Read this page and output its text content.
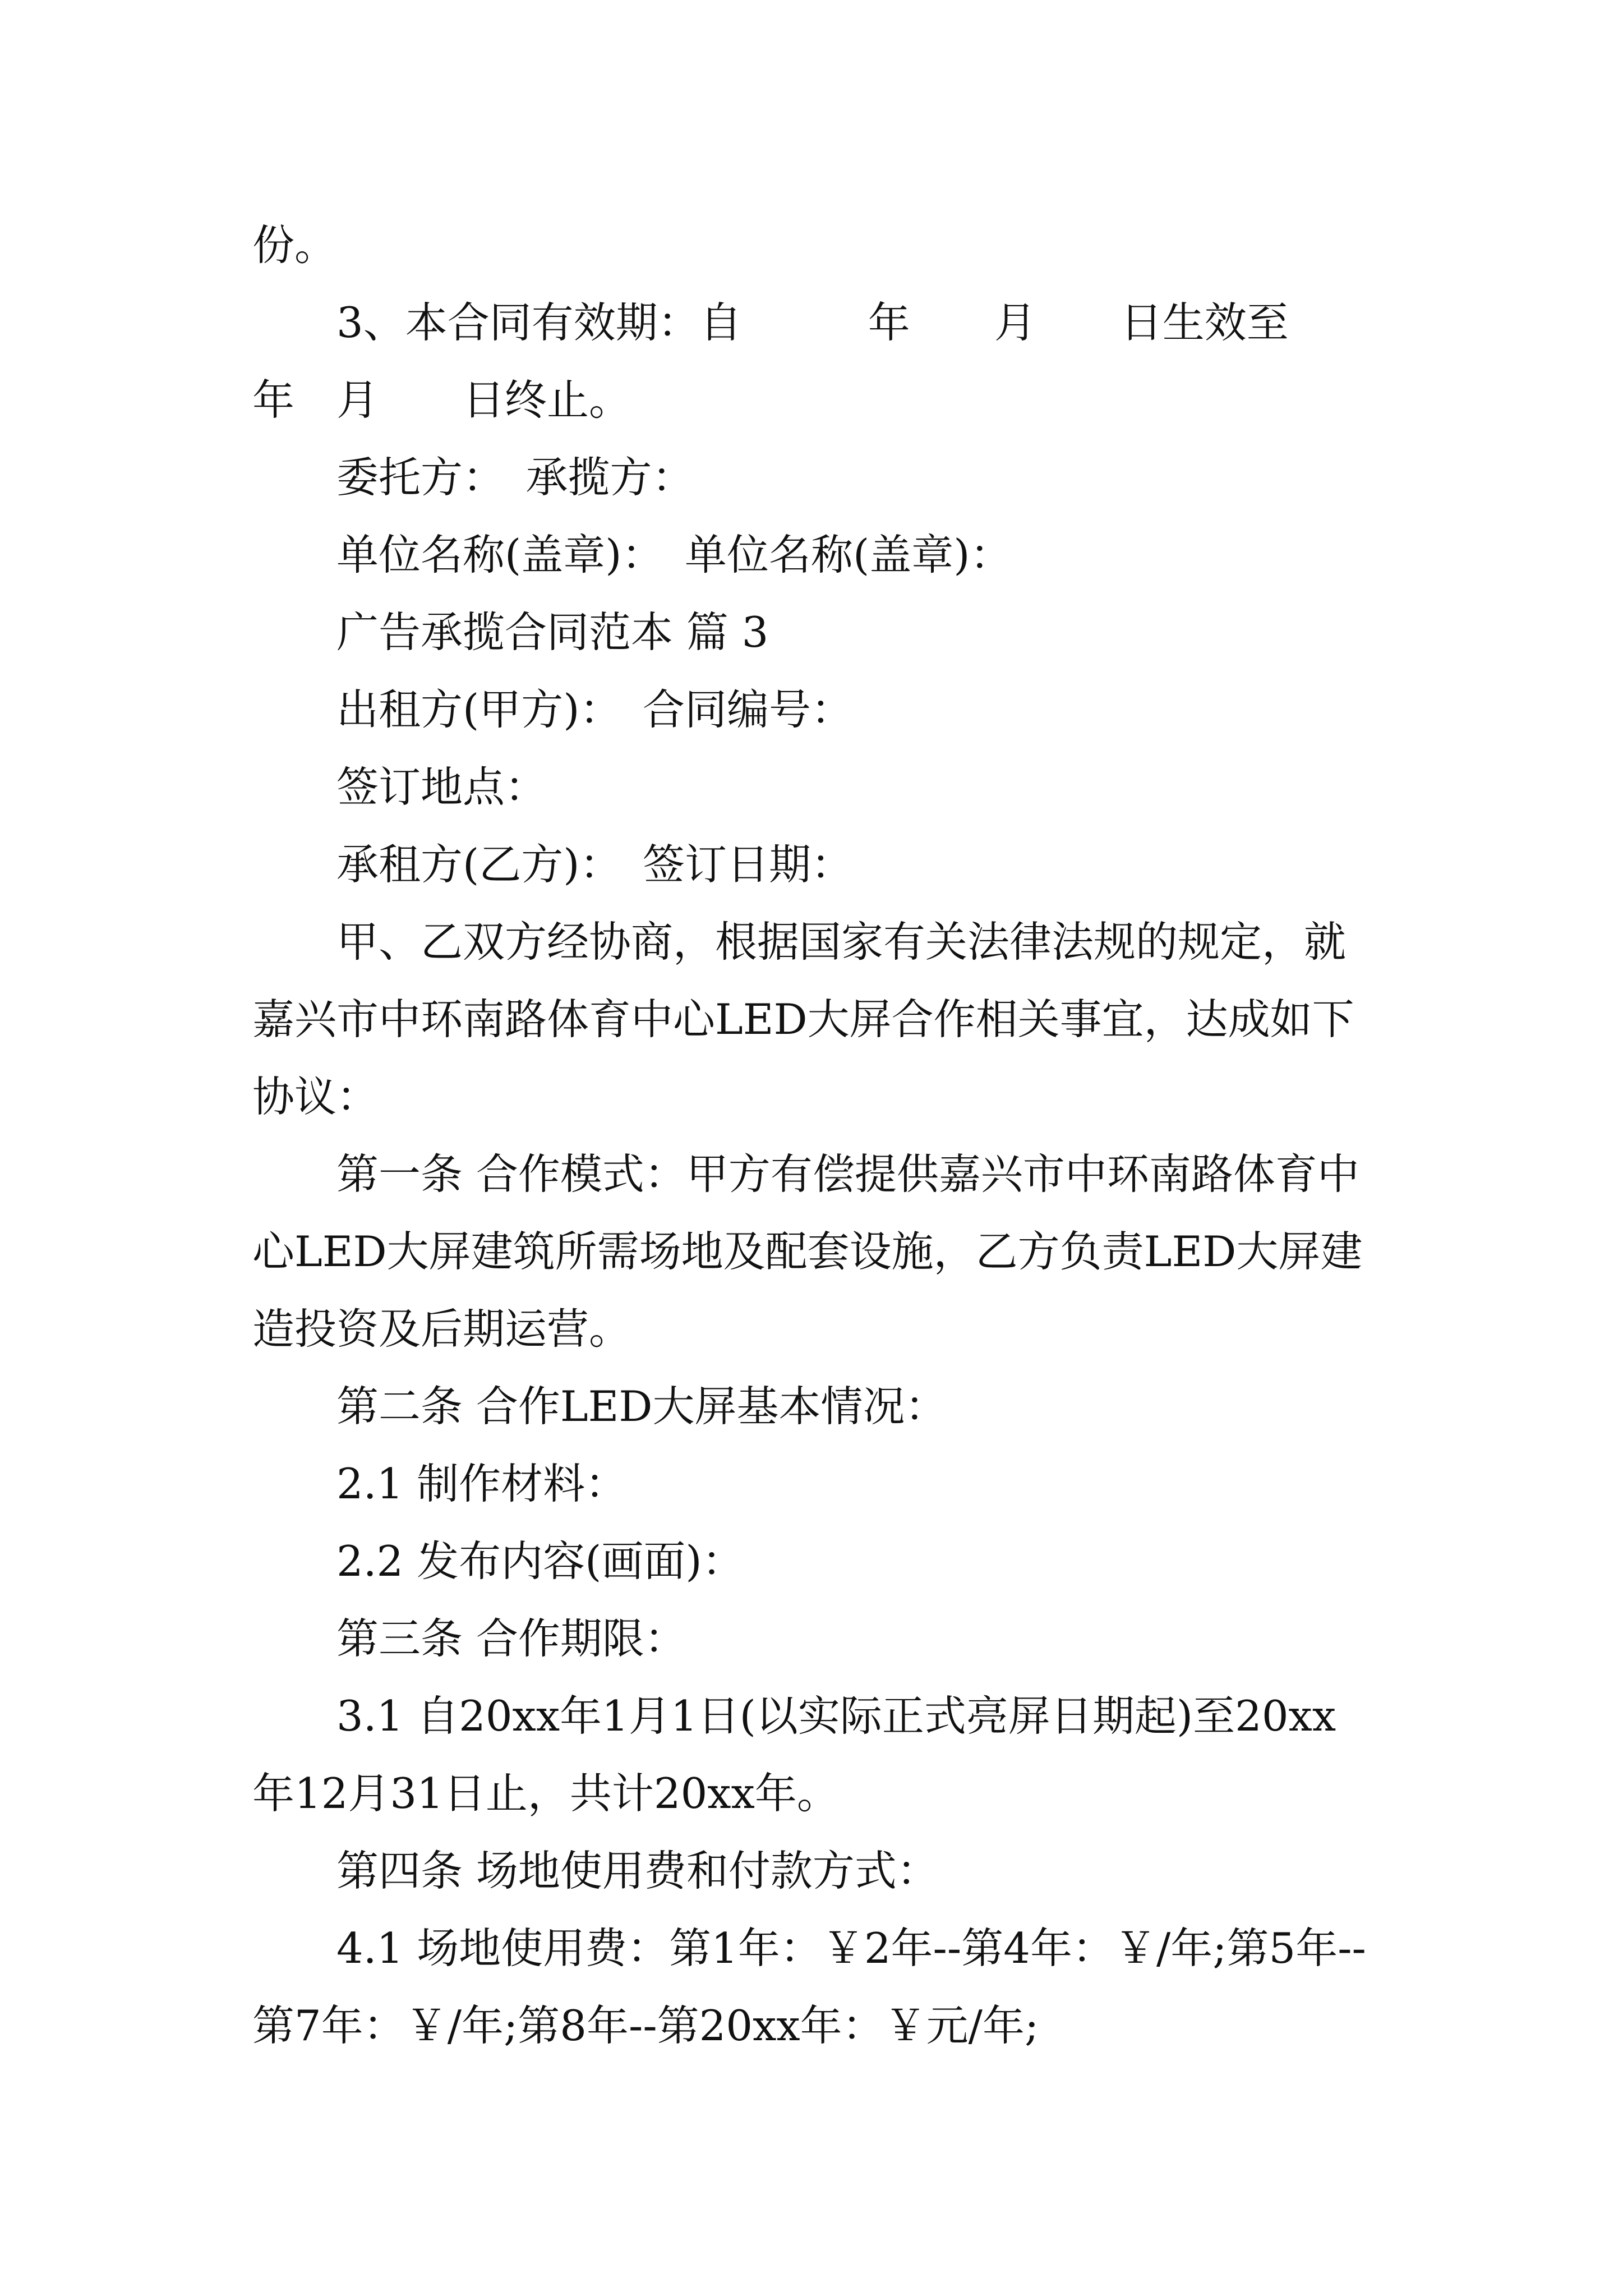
份。

3、本合同有效期：自　　　年　　月　　日生效至　　年　月　　日终止。

委托方：　承揽方：

单位名称(盖章)：　单位名称(盖章)：

广告承揽合同范本 篇 3

出租方(甲方)：　合同编号：

签订地点：

承租方(乙方)：　签订日期：

甲、乙双方经协商，根据国家有关法律法规的规定，就嘉兴市中环南路体育中心LED大屏合作相关事宜，达成如下协议：

第一条 合作模式：甲方有偿提供嘉兴市中环南路体育中心LED大屏建筑所需场地及配套设施，乙方负责LED大屏建造投资及后期运营。

第二条 合作LED大屏基本情况：

2.1 制作材料：

2.2 发布内容(画面)：

第三条 合作期限：

3.1 自20xx年1月1日(以实际正式亮屏日期起)至20xx年12月31日止，共计20xx年。

第四条 场地使用费和付款方式：

4.1 场地使用费：第1年：￥2年--第4年：￥/年;第5年--第7年：￥/年;第8年--第20xx年：￥元/年;
